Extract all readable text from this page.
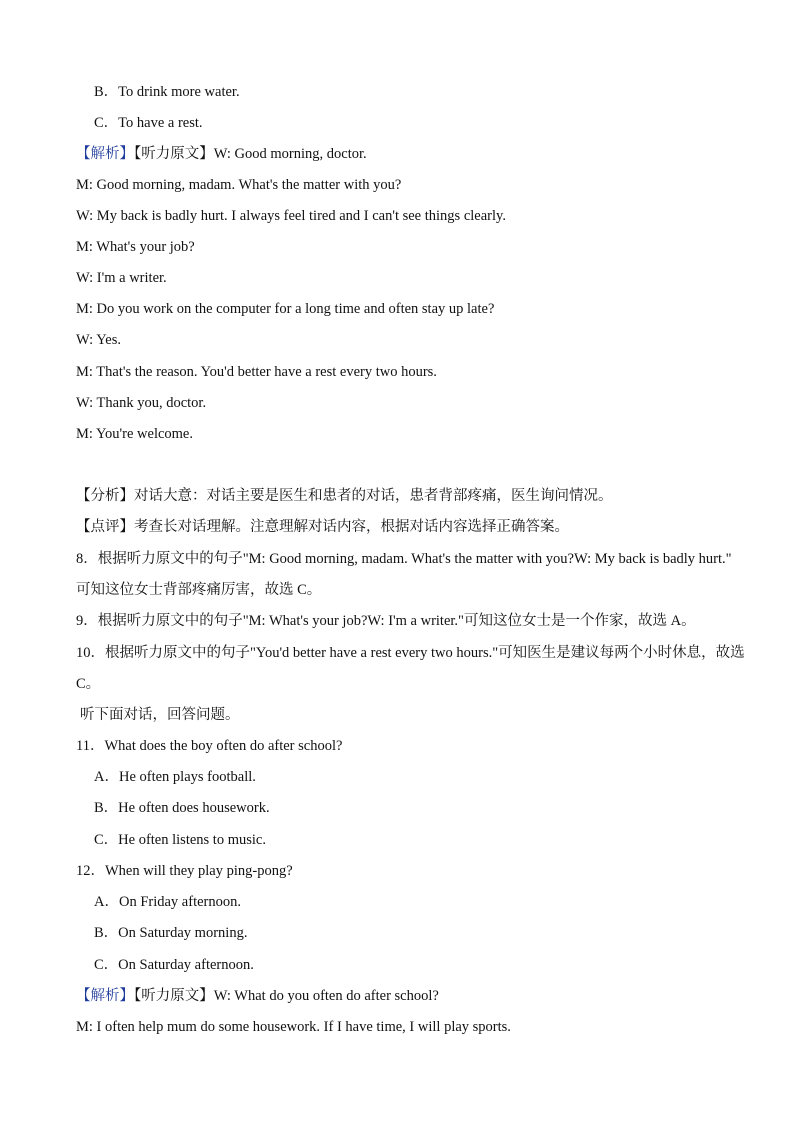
B．To drink more water.
C．To have a rest.
【解析】【听力原文】W: Good morning, doctor.
M: Good morning, madam. What's the matter with you?
W: My back is badly hurt. I always feel tired and I can't see things clearly.
M: What's your job?
W: I'm a writer.
M: Do you work on the computer for a long time and often stay up late?
W: Yes.
M: That's the reason. You'd better have a rest every two hours.
W: Thank you, doctor.
M: You're welcome.
【分析】对话大意：对话主要是医生和患者的对话，患者背部疼痛，医生询问情况。
【点评】考查长对话理解。注意理解对话内容，根据对话内容选择正确答案。
8．根据听力原文中的句子"M: Good morning, madam. What's the matter with you?W: My back is badly hurt."
可知这位女士背部疼痛厉害，故选 C。
9．根据听力原文中的句子"M: What's your job?W: I'm a writer."可知这位女士是一个作家，故选 A。
10．根据听力原文中的句子"You'd better have a rest every two hours."可知医生是建议每两个小时休息，故选
C。
听下面对话，回答问题。
11．What does the boy often do after school?
A．He often plays football.
B．He often does housework.
C．He often listens to music.
12．When will they play ping-pong?
A．On Friday afternoon.
B．On Saturday morning.
C．On Saturday afternoon.
【解析】【听力原文】W: What do you often do after school?
M: I often help mum do some housework. If I have time, I will play sports.
